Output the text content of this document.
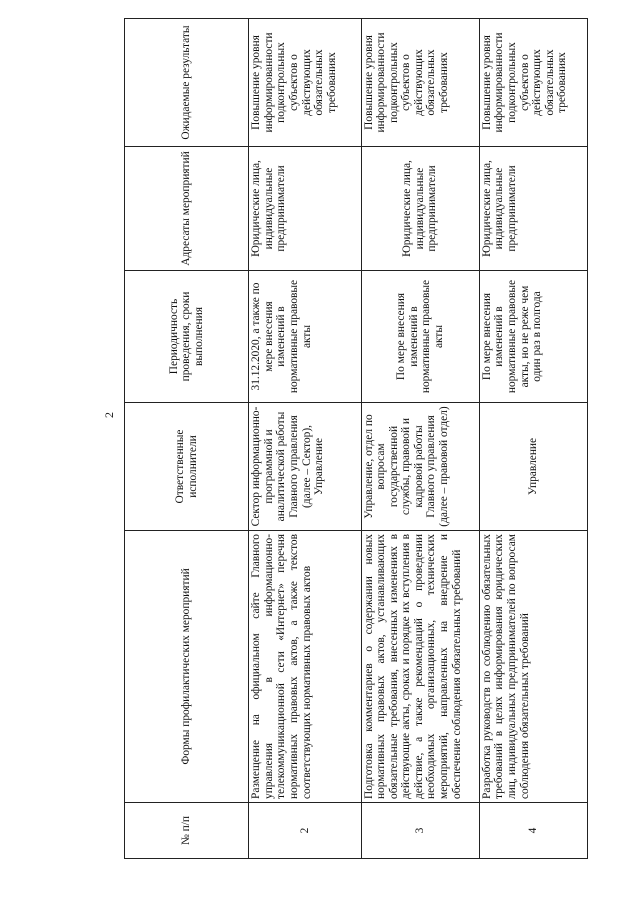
2
№ п/п	Формы профилактических мероприятий	Ответственные исполнители	Периодичность проведения, сроки выполнения	Адресаты мероприятий	Ожидаемые результаты
2	Размещение на официальном сайте Главного управления в информационно-телекоммуникационной сети «Интернет» перечня нормативных правовых актов, а также текстов соответствующих нормативных правовых актов	Сектор информационно-программной и аналитической работы Главного управления (далее – Сектор), Управление	31.12.2020, а также по мере внесения изменений в нормативные правовые акты	Юридические лица, индивидуальные предприниматели	Повышение уровня информированности подконтрольных субъектов о действующих обязательных требованиях
3	Подготовка комментариев о содержании новых нормативных правовых актов, устанавливающих обязательные требования, внесенных изменениях в действующие акты, сроках и порядке их вступления в действие, а также рекомендаций о проведении необходимых организационных, технических мероприятий, направленных на внедрение и обеспечение соблюдения обязательных требований	Управление, отдел по вопросам государственной службы, правовой и кадровой работы Главного управления (далее – правовой отдел)	По мере внесения изменений в нормативные правовые акты	Юридические лица, индивидуальные предприниматели	Повышение уровня информированности подконтрольных субъектов о действующих обязательных требованиях
4	Разработка руководств по соблюдению обязательных требований в целях информирования юридических лиц, индивидуальных предпринимателей по вопросам соблюдения обязательных требований	Управление	По мере внесения изменений в нормативные правовые акты, но не реже чем один раз в полгода	Юридические лица, индивидуальные предприниматели	Повышение уровня информированности подконтрольных субъектов о действующих обязательных требованиях
